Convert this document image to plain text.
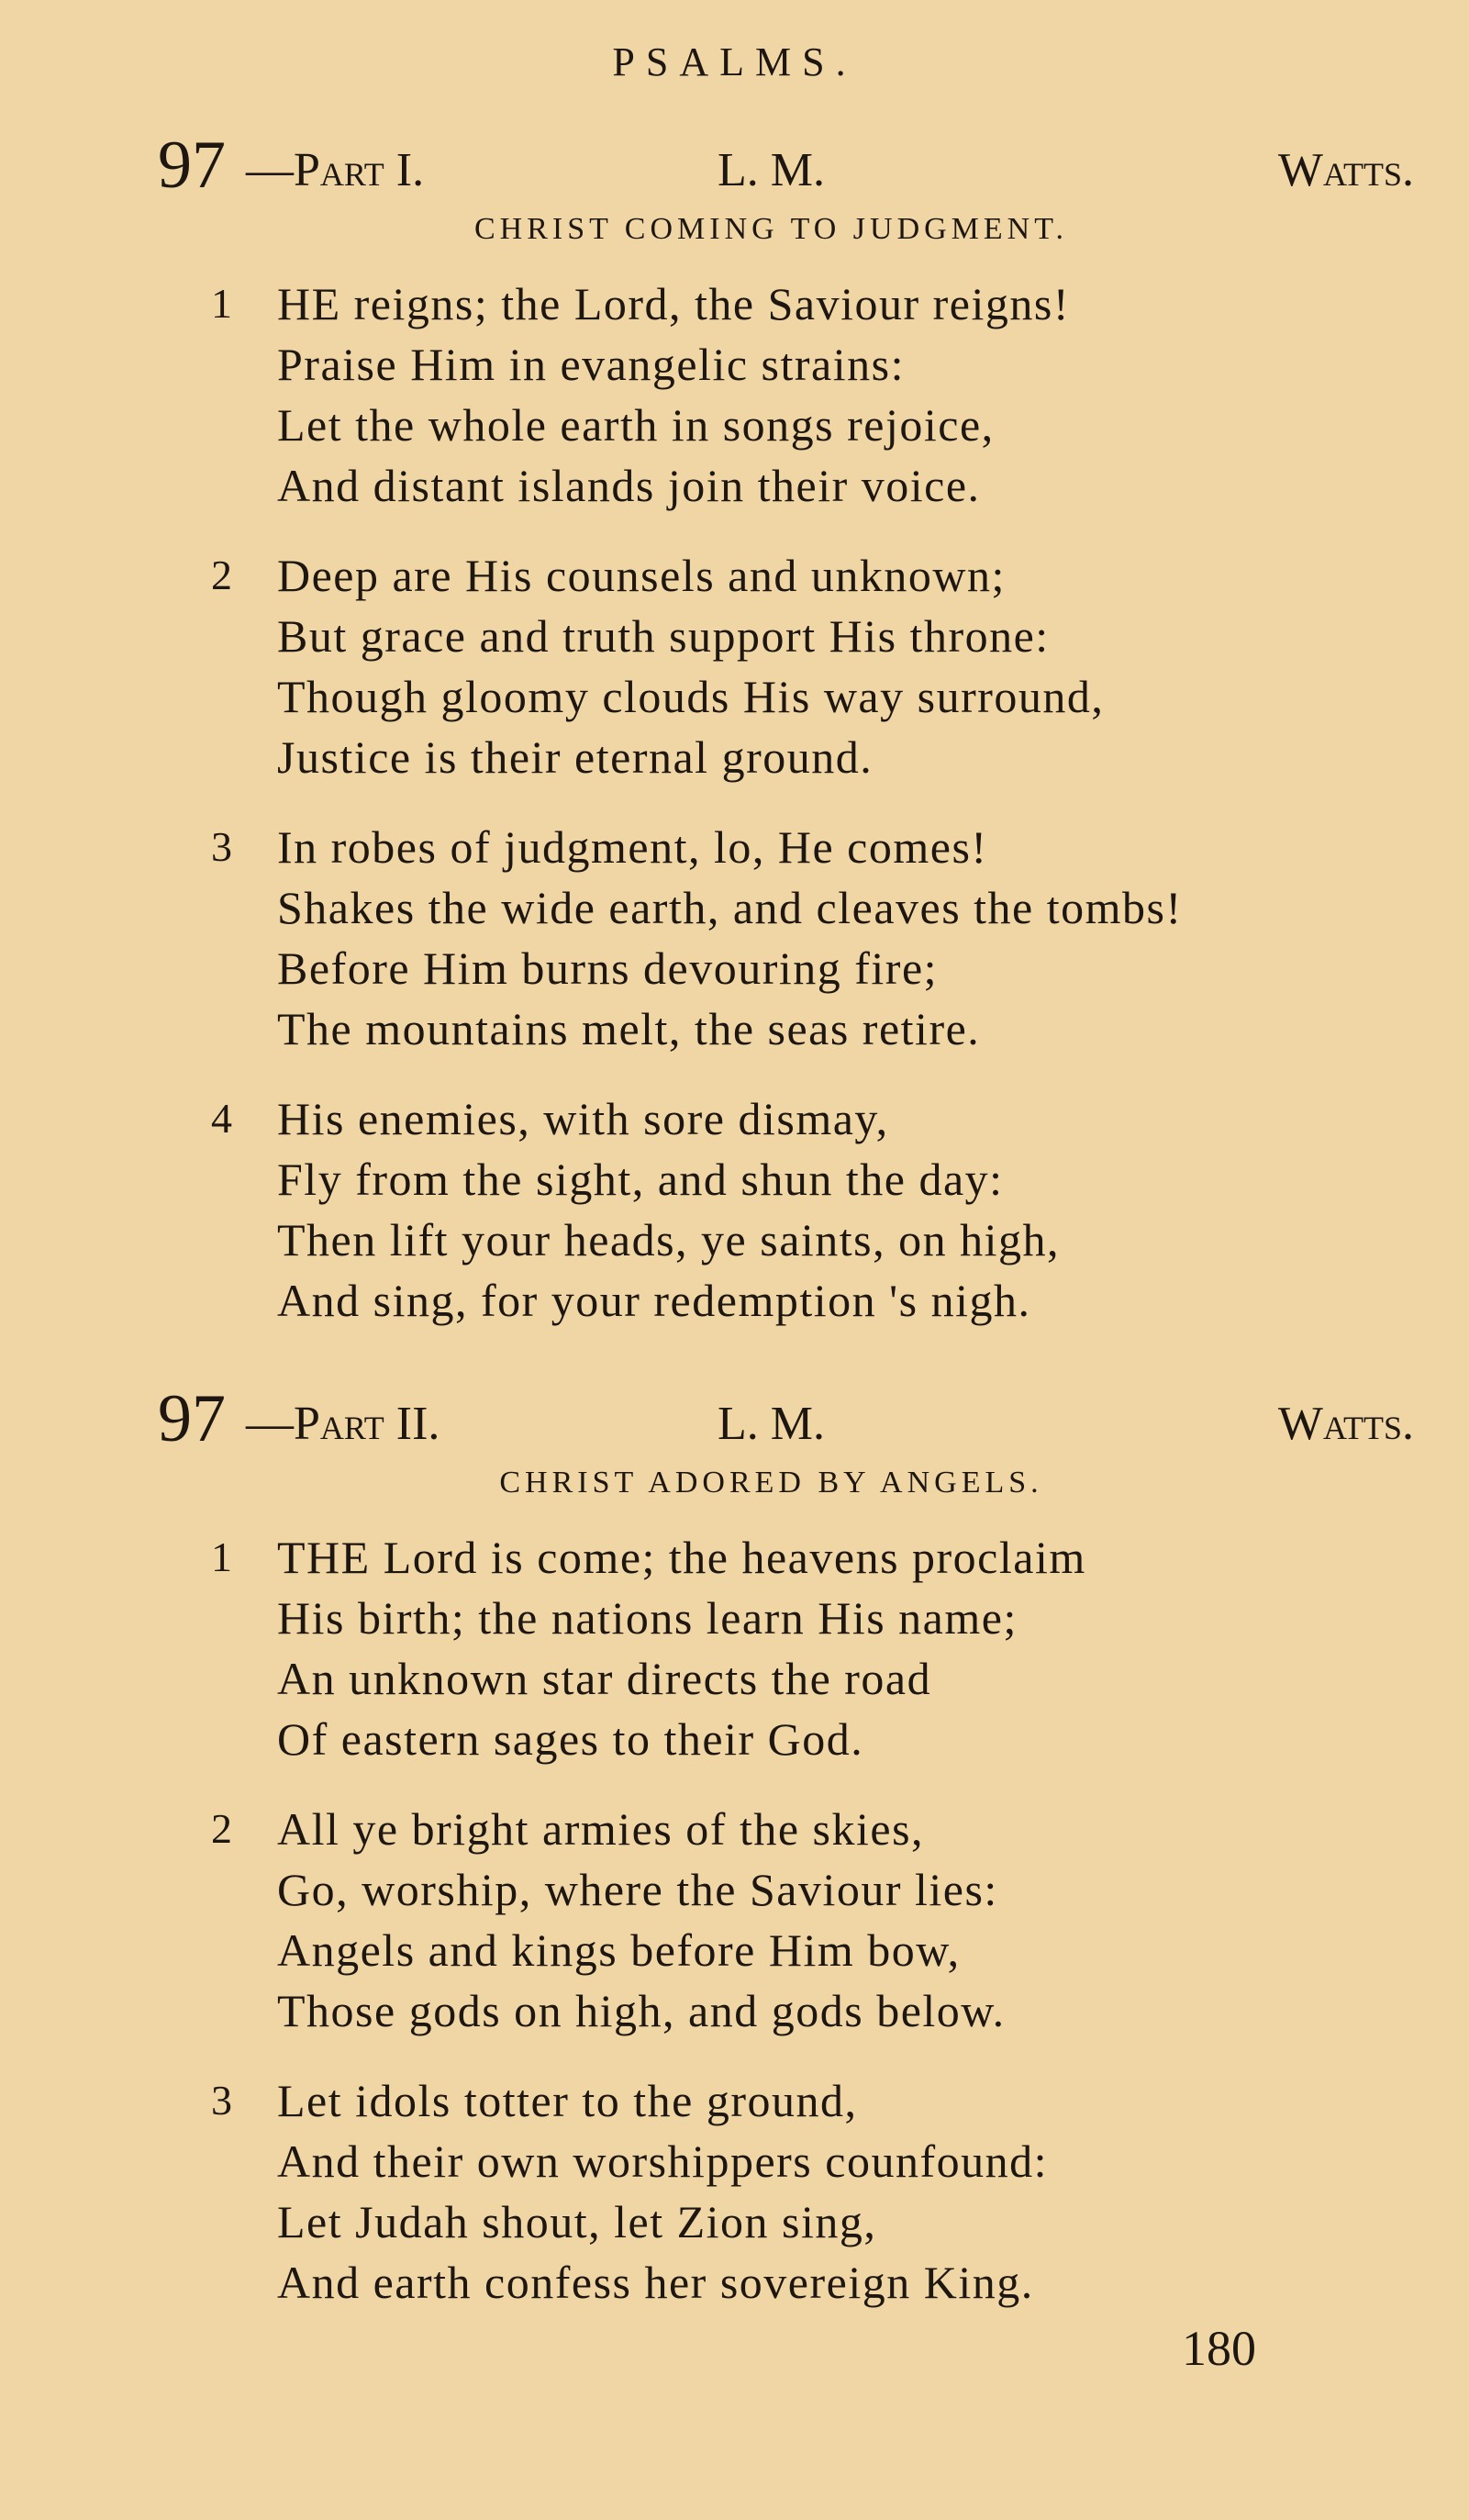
PSALMS.
97 —Part I.	L. M.	Watts.
CHRIST COMING TO JUDGMENT.
1 HE reigns; the Lord, the Saviour reigns!
Praise Him in evangelic strains:
Let the whole earth in songs rejoice,
And distant islands join their voice.
2 Deep are His counsels and unknown;
But grace and truth support His throne:
Though gloomy clouds His way surround,
Justice is their eternal ground.
3 In robes of judgment, lo, He comes!
Shakes the wide earth, and cleaves the tombs!
Before Him burns devouring fire;
The mountains melt, the seas retire.
4 His enemies, with sore dismay,
Fly from the sight, and shun the day:
Then lift your heads, ye saints, on high,
And sing, for your redemption 's nigh.
97 —Part II.	L. M.	Watts.
CHRIST ADORED BY ANGELS.
1 THE Lord is come; the heavens proclaim
His birth; the nations learn His name;
An unknown star directs the road
Of eastern sages to their God.
2 All ye bright armies of the skies,
Go, worship, where the Saviour lies:
Angels and kings before Him bow,
Those gods on high, and gods below.
3 Let idols totter to the ground,
And their own worshippers counfound:
Let Judah shout, let Zion sing,
And earth confess her sovereign King.
180
